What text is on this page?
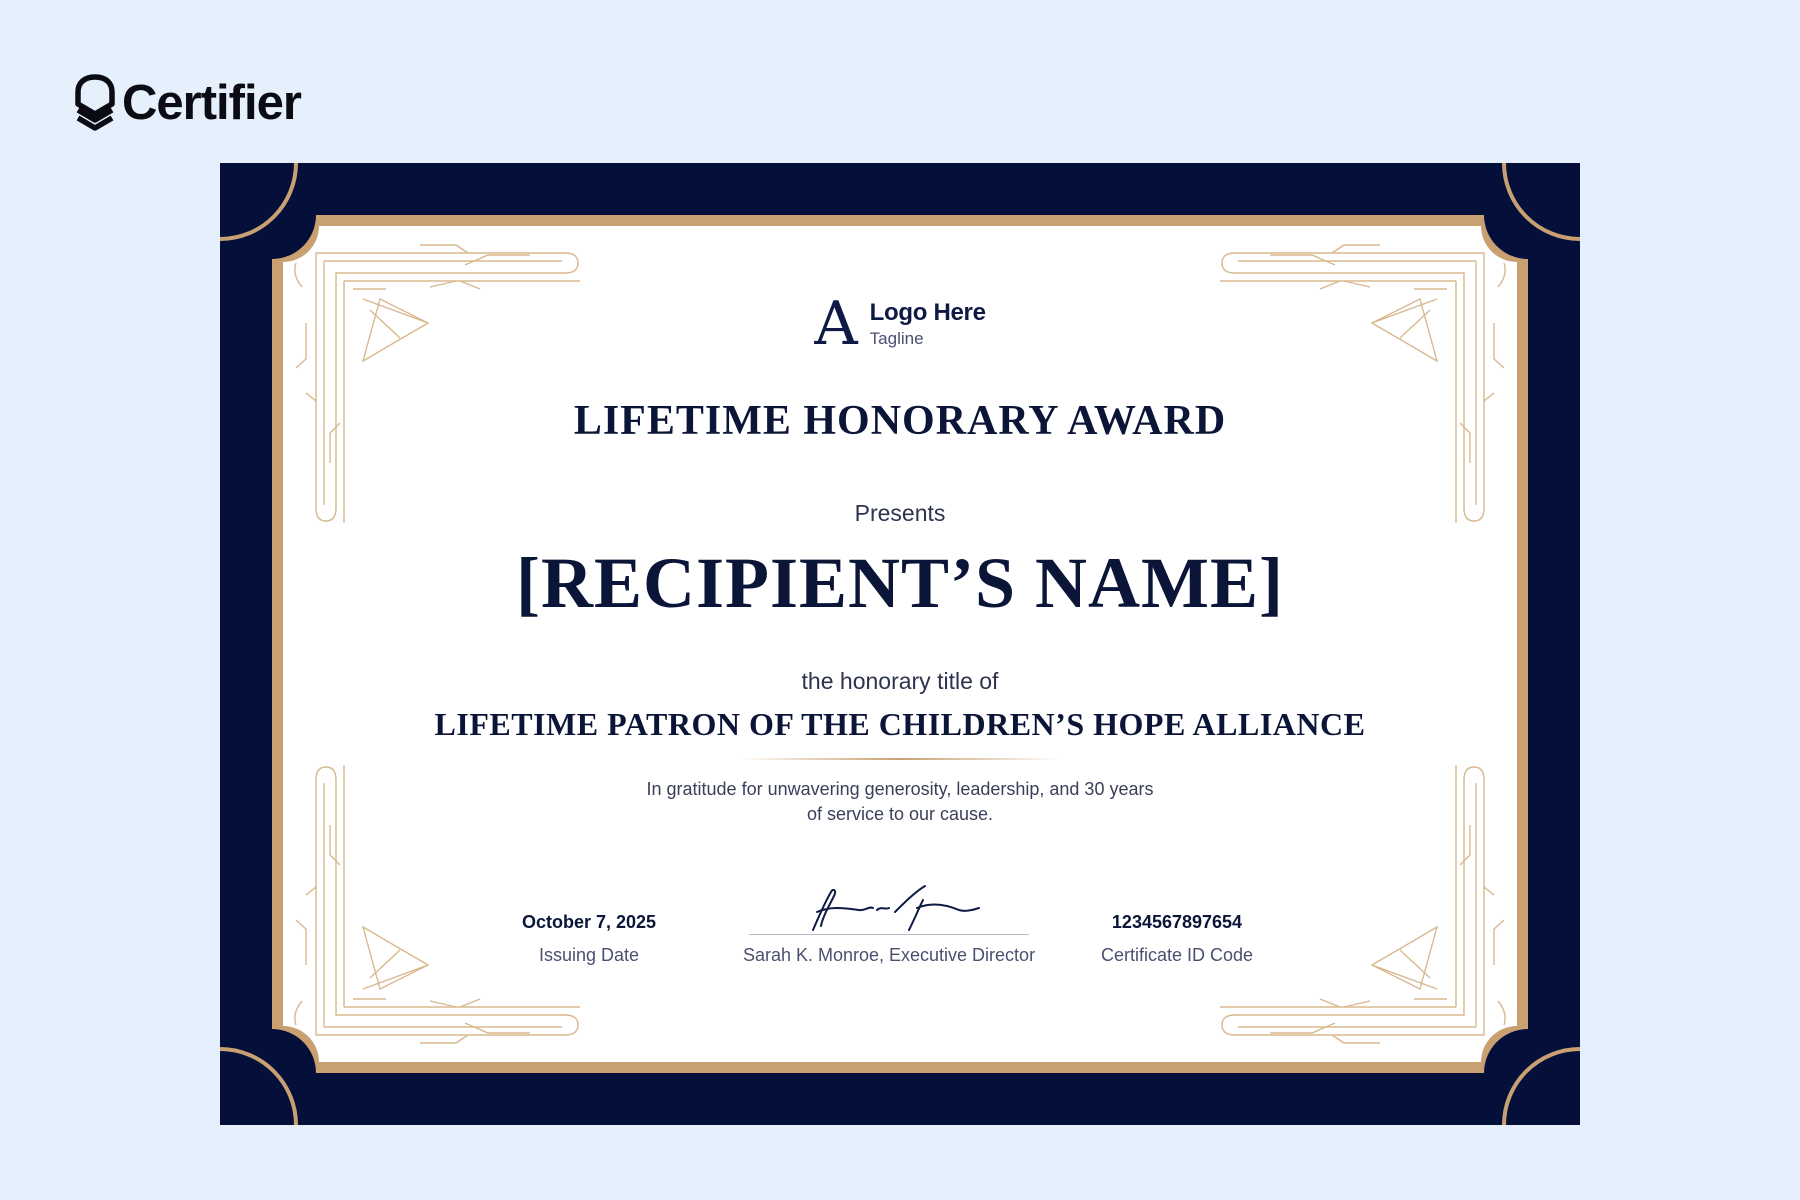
Certifier
A Logo Here
Tagline
LIFETIME HONORARY AWARD
Presents
[RECIPIENT’S NAME]
the honorary title of
LIFETIME PATRON OF THE CHILDREN’S HOPE ALLIANCE
In gratitude for unwavering generosity, leadership, and 30 years
of service to our cause.
October 7, 2025
Issuing Date	Sarah K. Monroe, Executive Director
1234567897654
Certificate ID Code
